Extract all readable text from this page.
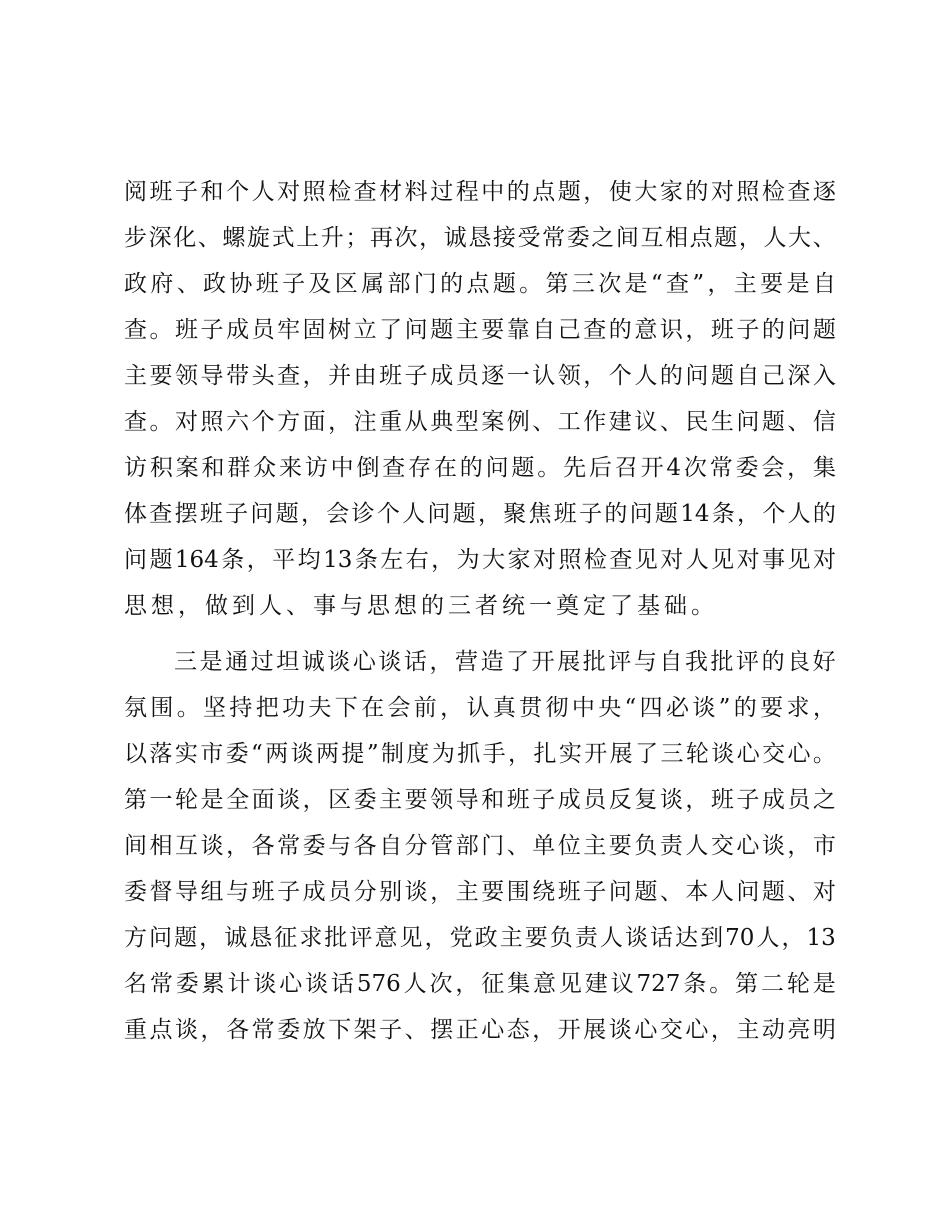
阅 班 子 和 个 人 对 照 检 查 材 料 过 程 中 的 点 题 ， 使 大 家 的 对 照 检 查 逐
步 深 化 、 螺 旋 式 上 升 ； 再 次 ， 诚 恳 接 受 常 委 之 间 互 相 点 题 ， 人 大 、
政 府 、 政 协 班 子 及 区 属 部 门 的 点 题 。 第 三 次 是 “ 查 ” ， 主 要 是 自
查 。 班 子 成 员 牢 固 树 立 了 问 题 主 要 靠 自 己 查 的 意 识 ， 班 子 的 问 题
主 要 领 导 带 头 查 ， 并 由 班 子 成 员 逐 一 认 领 ， 个 人 的 问 题 自 己 深 入
查 。 对 照 六 个 方 面 ， 注 重 从 典 型 案 例 、 工 作 建 议 、 民 生 问 题 、 信
访 积 案 和 群 众 来 访 中 倒 查 存 在 的 问 题 。 先 后 召 开 4 次 常 委 会 ， 集
体 查 摆 班 子 问 题 ， 会 诊 个 人 问 题 ， 聚 焦 班 子 的 问 题 14 条 ， 个 人 的
问 题 164 条 ， 平 均 13 条 左 右 ， 为 大 家 对 照 检 查 见 对 人 见 对 事 见 对
思想，做到人、事与思想的三者统一奠定了基础。
三 是 通 过 坦 诚 谈 心 谈 话 ， 营 造 了 开 展 批 评 与 自 我 批 评 的 良 好
氛 围 。 坚 持 把 功 夫 下 在 会 前 ， 认 真 贯 彻 中 央 “ 四 必 谈 ” 的 要 求 ，
以 落 实 市 委 “ 两 谈 两 提 ” 制 度 为 抓 手 ， 扎 实 开 展 了 三 轮 谈 心 交 心 。
第 一 轮 是 全 面 谈 ， 区 委 主 要 领 导 和 班 子 成 员 反 复 谈 ， 班 子 成 员 之
间 相 互 谈 ， 各 常 委 与 各 自 分 管 部 门 、 单 位 主 要 负 责 人 交 心 谈 ， 市
委 督 导 组 与 班 子 成 员 分 别 谈 ， 主 要 围 绕 班 子 问 题 、 本 人 问 题 、 对
方 问 题 ， 诚 恳 征 求 批 评 意 见 ， 党 政 主 要 负 责 人 谈 话 达 到 70 人 ， 13
名 常 委 累 计 谈 心 谈 话 576 人 次 ， 征 集 意 见 建 议 727 条 。 第 二 轮 是
重 点 谈 ， 各 常 委 放 下 架 子 、 摆 正 心 态 ， 开 展 谈 心 交 心 ， 主 动 亮 明
